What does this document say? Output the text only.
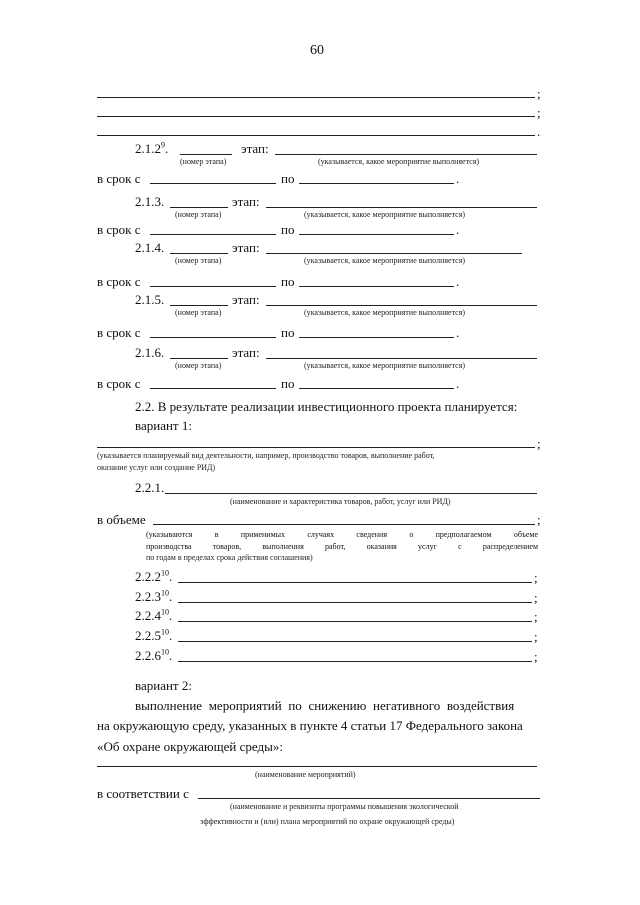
60
;
;
.
2.1.2$^9$.	этап:
(номер этапа)	(указывается, какое мероприятие выполняется)
в срок с	по	.
2.1.3.	этап:
(номер этапа)	(указывается, какое мероприятие выполняется)
в срок с	по	.
2.1.4.	этап:
(номер этапа)	(указывается, какое мероприятие выполняется)
в срок с	по	.
2.1.5.	этап:
(номер этапа)	(указывается, какое мероприятие выполняется)
в срок с	по	.
2.1.6.	этап:
(номер этапа)	(указывается, какое мероприятие выполняется)
в срок с	по	.
2.2. В результате реализации инвестиционного проекта планируется:
вариант 1:
;
(указывается планируемый вид деятельности, например, производство товаров, выполнение работ,
оказание услуг или создание РИД)
2.2.1.
(наименование и характеристика товаров, работ, услуг или РИД)
в объеме	;
(указываются в применимых случаях сведения о предполагаемом объеме
производства товаров, выполнения работ, оказания услуг с распределением
по годам в пределах срока действия соглашения)
2.2.2$^{10}$.	;
2.2.3$^{10}$.	;
2.2.4$^{10}$.	;
2.2.5$^{10}$.	;
2.2.6$^{10}$.	;
вариант 2:
выполнение мероприятий по снижению негативного воздействия
на окружающую среду, указанных в пункте 4 статьи 17 Федерального закона
«Об охране окружающей среды»:
(наименование мероприятий)
в соответствии с
(наименование и реквизиты программы повышения экологической
эффективности и (или) плана мероприятий по охране окружающей среды)
